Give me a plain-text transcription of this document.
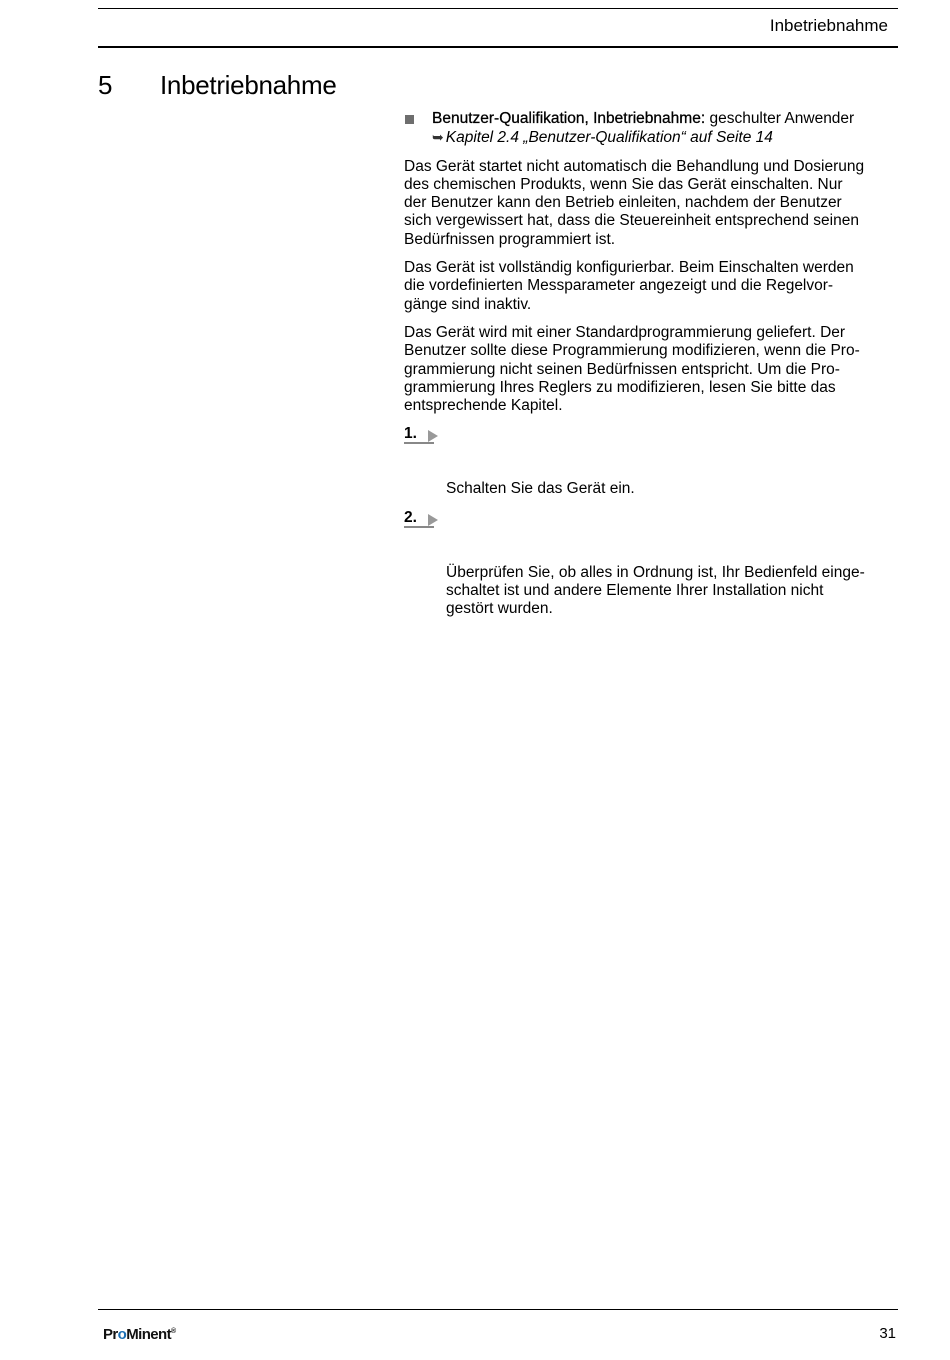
Inbetriebnahme
5 Inbetriebnahme
Benutzer-Qualifikation, Inbetriebnahme: geschulter Anwender
➥ Kapitel 2.4 „Benutzer-Qualifikation“ auf Seite 14

Das Gerät startet nicht automatisch die Behandlung und Dosierung
des chemischen Produkts, wenn Sie das Gerät einschalten. Nur
der Benutzer kann den Betrieb einleiten, nachdem der Benutzer
sich vergewissert hat, dass die Steuereinheit entsprechend seinen
Bedürfnissen programmiert ist.

Das Gerät ist vollständig konfigurierbar. Beim Einschalten werden
die vordefinierten Messparameter angezeigt und die Regelvor-
gänge sind inaktiv.

Das Gerät wird mit einer Standardprogrammierung geliefert. Der
Benutzer sollte diese Programmierung modifizieren, wenn die Pro-
grammierung nicht seinen Bedürfnissen entspricht. Um die Pro-
grammierung Ihres Reglers zu modifizieren, lesen Sie bitte das
entsprechende Kapitel.

1.

Schalten Sie das Gerät ein.

2.

Überprüfen Sie, ob alles in Ordnung ist, Ihr Bedienfeld einge-
schaltet ist und andere Elemente Ihrer Installation nicht
gestört wurden.

ProMinent®	31
